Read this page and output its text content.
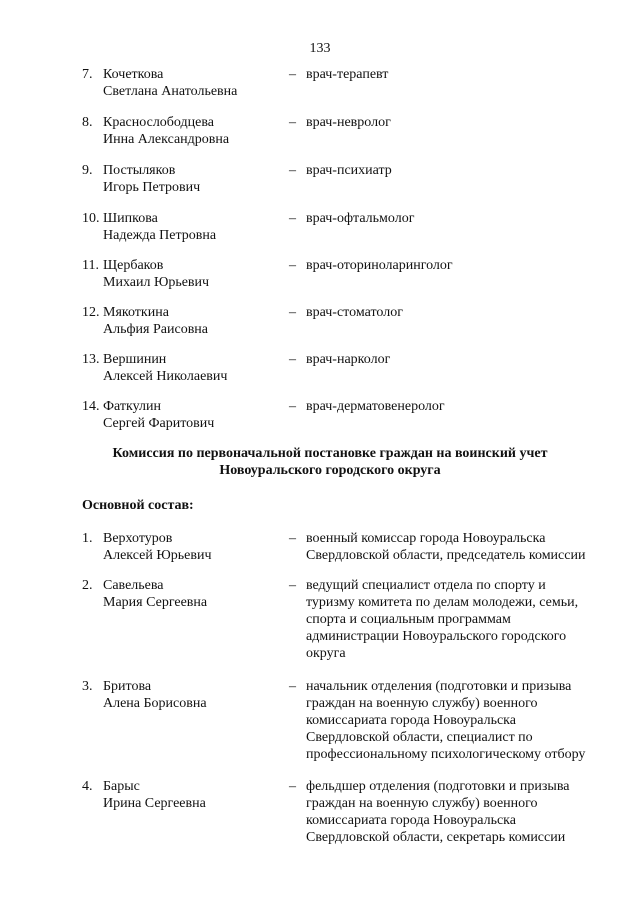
133
7. Кочеткова
Светлана Анатольевна
– врач-терапевт
8. Краснослободцева
Инна Александровна
– врач-невролог
9. Постыляков
Игорь Петрович
– врач-психиатр
10. Шипкова
Надежда Петровна
– врач-офтальмолог
11. Щербаков
Михаил Юрьевич
– врач-оториноларинголог
12. Мякоткина
Альфия Раисовна
– врач-стоматолог
13. Вершинин
Алексей Николаевич
– врач-нарколог
14. Фаткулин
Сергей Фаритович
– врач-дерматовенеролог
Комиссия по первоначальной постановке граждан на воинский учет
Новоуральского городского округа
Основной состав:
1. Верхотуров
Алексей Юрьевич
– военный комиссар города Новоуральска
Свердловской области, председатель комиссии
2. Савельева
Мария Сергеевна
– ведущий специалист отдела по спорту и
туризму комитета по делам молодежи, семьи,
спорта и социальным программам
администрации Новоуральского городского
округа
3. Бритова
Алена Борисовна
– начальник отделения (подготовки и призыва
граждан на военную службу) военного
комиссариата города Новоуральска
Свердловской области, специалист по
профессиональному психологическому отбору
4. Барыс
Ирина Сергеевна
– фельдшер отделения (подготовки и призыва
граждан на военную службу) военного
комиссариата города Новоуральска
Свердловской области, секретарь комиссии
